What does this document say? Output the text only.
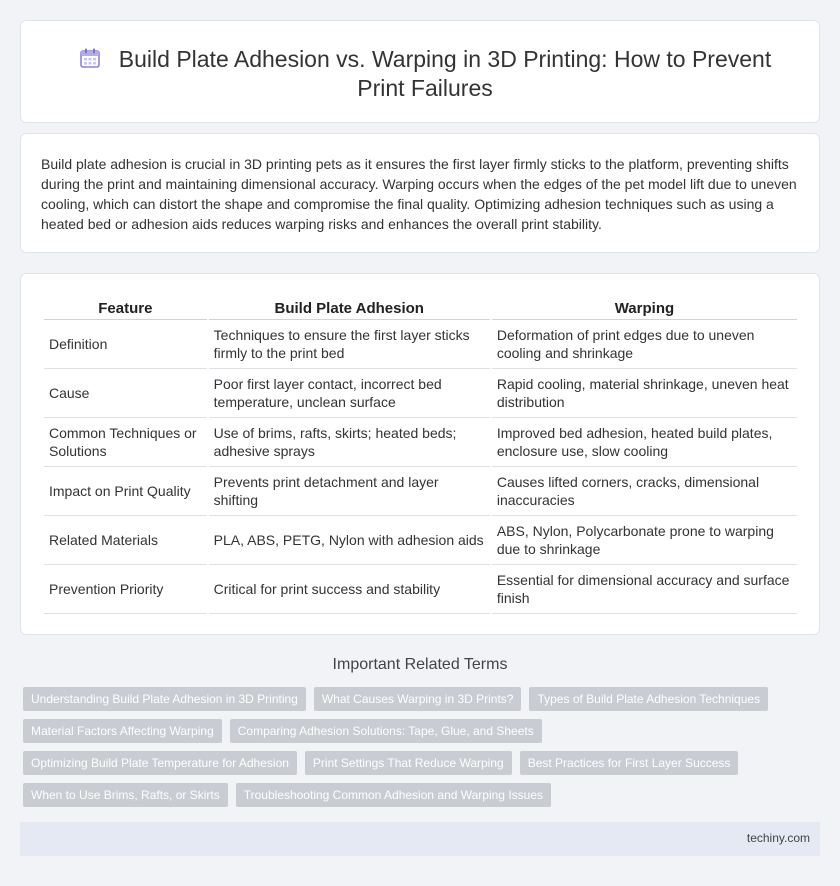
Build Plate Adhesion vs. Warping in 3D Printing: How to Prevent Print Failures

Build plate adhesion is crucial in 3D printing pets as it ensures the first layer firmly sticks to the platform, preventing shifts during the print and maintaining dimensional accuracy. Warping occurs when the edges of the pet model lift due to uneven cooling, which can distort the shape and compromise the final quality. Optimizing adhesion techniques such as using a heated bed or adhesion aids reduces warping risks and enhances the overall print stability.

Feature	Build Plate Adhesion	Warping
Definition	Techniques to ensure the first layer sticks firmly to the print bed	Deformation of print edges due to uneven cooling and shrinkage
Cause	Poor first layer contact, incorrect bed temperature, unclean surface	Rapid cooling, material shrinkage, uneven heat distribution
Common Techniques or Solutions	Use of brims, rafts, skirts; heated beds; adhesive sprays	Improved bed adhesion, heated build plates, enclosure use, slow cooling
Impact on Print Quality	Prevents print detachment and layer shifting	Causes lifted corners, cracks, dimensional inaccuracies
Related Materials	PLA, ABS, PETG, Nylon with adhesion aids	ABS, Nylon, Polycarbonate prone to warping due to shrinkage
Prevention Priority	Critical for print success and stability	Essential for dimensional accuracy and surface finish
Important Related Terms
Understanding Build Plate Adhesion in 3D Printing	What Causes Warping in 3D Prints?	Types of Build Plate Adhesion Techniques
Material Factors Affecting Warping	Comparing Adhesion Solutions: Tape, Glue, and Sheets
Optimizing Build Plate Temperature for Adhesion	Print Settings That Reduce Warping	Best Practices for First Layer Success
When to Use Brims, Rafts, or Skirts	Troubleshooting Common Adhesion and Warping Issues
techiny.com
